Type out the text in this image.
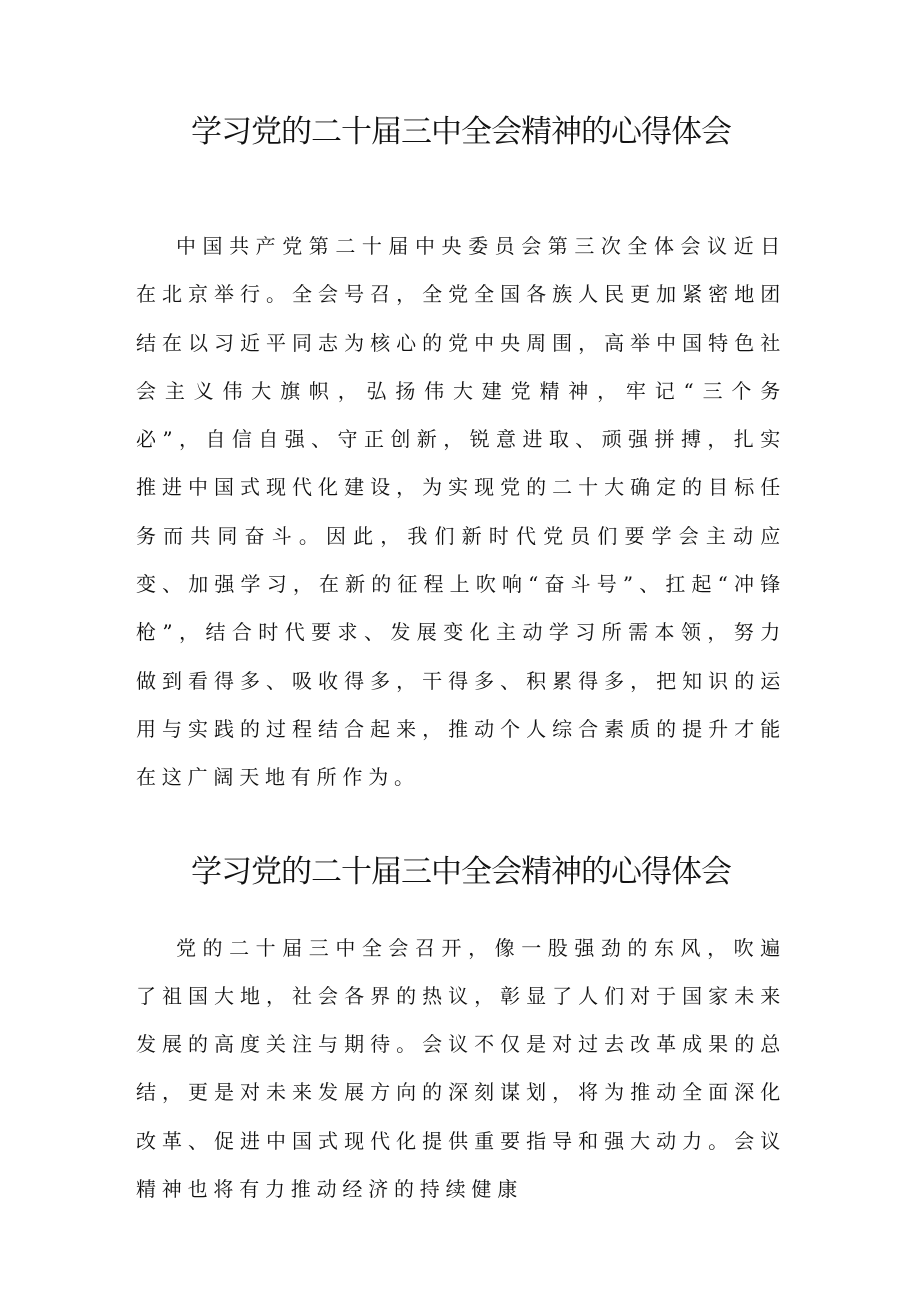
学习党的二十届三中全会精神的心得体会

中国共产党第二十届中央委员会第三次全体会议近日在北京举行。全会号召，全党全国各族人民更加紧密地团结在以习近平同志为核心的党中央周围，高举中国特色社会主义伟大旗帜，弘扬伟大建党精神，牢记“三个务必”，自信自强、守正创新，锐意进取、顽强拼搏，扎实推进中国式现代化建设，为实现党的二十大确定的目标任务而共同奋斗。因此，我们新时代党员们要学会主动应变、加强学习，在新的征程上吹响“奋斗号”、扛起“冲锋枪”，结合时代要求、发展变化主动学习所需本领，努力做到看得多、吸收得多，干得多、积累得多，把知识的运用与实践的过程结合起来，推动个人综合素质的提升才能在这广阔天地有所作为。

学习党的二十届三中全会精神的心得体会

党的二十届三中全会召开，像一股强劲的东风，吹遍了祖国大地，社会各界的热议，彰显了人们对于国家未来发展的高度关注与期待。会议不仅是对过去改革成果的总结，更是对未来发展方向的深刻谋划，将为推动全面深化改革、促进中国式现代化提供重要指导和强大动力。会议精神也将有力推动经济的持续健康
